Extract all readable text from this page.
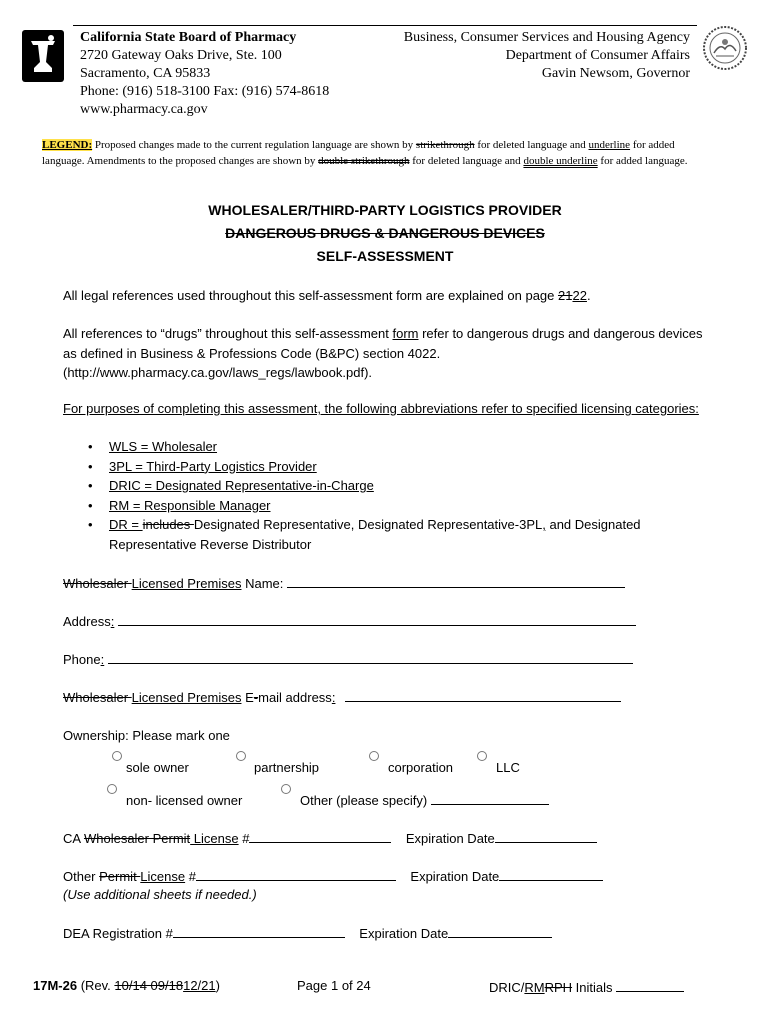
California State Board of Pharmacy
2720 Gateway Oaks Drive, Ste. 100
Sacramento, CA 95833
Phone: (916) 518-3100 Fax: (916) 574-8618
www.pharmacy.ca.gov
Business, Consumer Services and Housing Agency
Department of Consumer Affairs
Gavin Newsom, Governor
LEGEND: Proposed changes made to the current regulation language are shown by strikethrough for deleted language and underline for added language. Amendments to the proposed changes are shown by double strikethrough for deleted language and double underline for added language.
WHOLESALER/THIRD-PARTY LOGISTICS PROVIDER
DANGEROUS DRUGS & DANGEROUS DEVICES
SELF-ASSESSMENT
All legal references used throughout this self-assessment form are explained on page 2122.
All references to “drugs” throughout this self-assessment form refer to dangerous drugs and dangerous devices as defined in Business & Professions Code (B&PC) section 4022.
(http://www.pharmacy.ca.gov/laws_regs/lawbook.pdf).
For purposes of completing this assessment, the following abbreviations refer to specified licensing categories:
• WLS = Wholesaler
• 3PL = Third-Party Logistics Provider
• DRIC = Designated Representative-in-Charge
• RM = Responsible Manager
• DR = includes Designated Representative, Designated Representative-3PL, and Designated Representative Reverse Distributor
Wholesaler Licensed Premises Name:
Address:
Phone:
Wholesaler Licensed Premises E-mail address:
Ownership: Please mark one
sole owner	partnership	corporation	LLC
non- licensed owner	Other (please specify)
CA Wholesaler Permit License #	Expiration Date
Other Permit License #	Expiration Date
(Use additional sheets if needed.)
DEA Registration #	Expiration Date
17M-26 (Rev. 10/14 09/1812/21)	Page 1 of 24	DRIC/RMRPH Initials
